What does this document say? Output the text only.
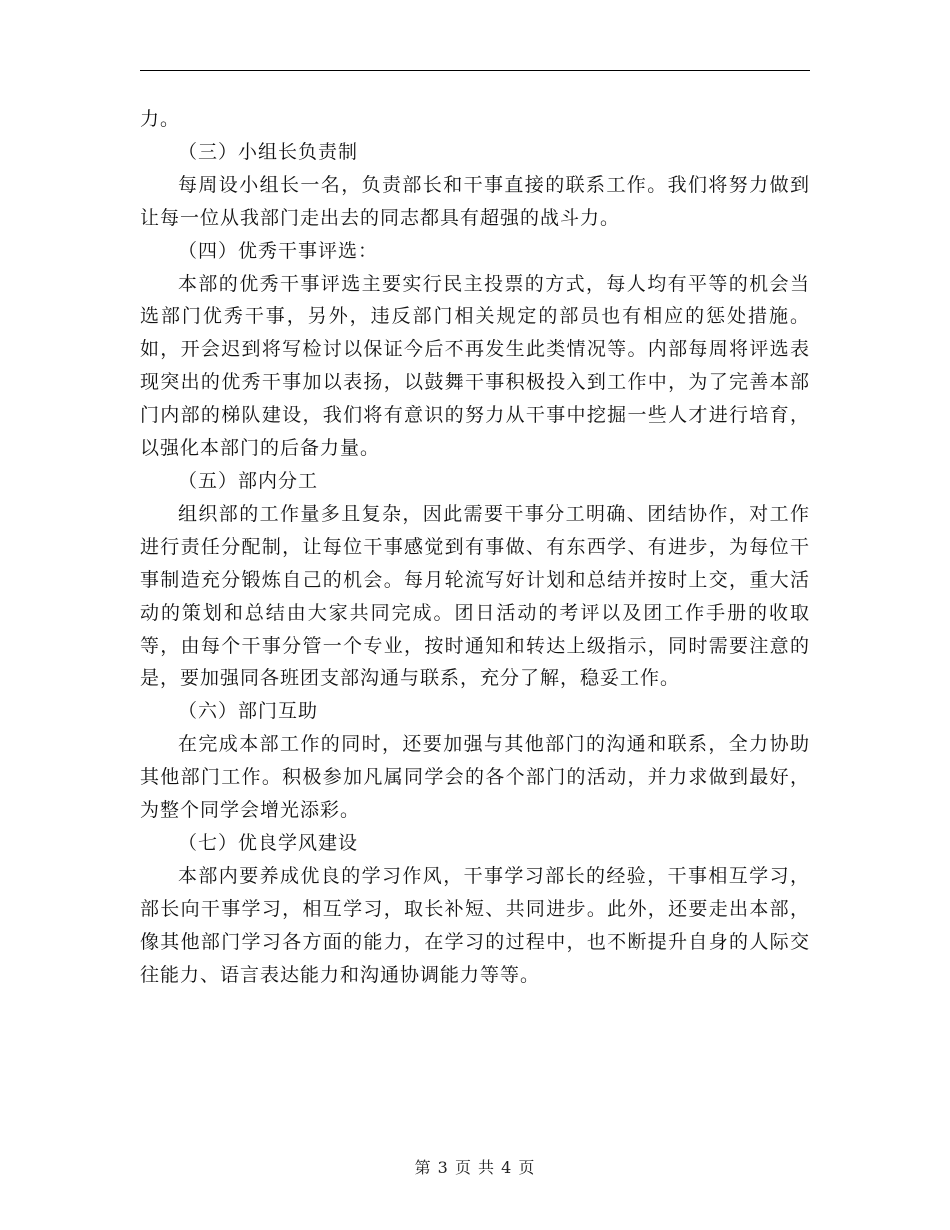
力。

（三）小组长负责制

每周设小组长一名，负责部长和干事直接的联系工作。我们将努力做到让每一位从我部门走出去的同志都具有超强的战斗力。

（四）优秀干事评选：

本部的优秀干事评选主要实行民主投票的方式，每人均有平等的机会当选部门优秀干事，另外，违反部门相关规定的部员也有相应的惩处措施。如，开会迟到将写检讨以保证今后不再发生此类情况等。内部每周将评选表现突出的优秀干事加以表扬，以鼓舞干事积极投入到工作中，为了完善本部门内部的梯队建设，我们将有意识的努力从干事中挖掘一些人才进行培育，以强化本部门的后备力量。

（五）部内分工

组织部的工作量多且复杂，因此需要干事分工明确、团结协作，对工作进行责任分配制，让每位干事感觉到有事做、有东西学、有进步，为每位干事制造充分锻炼自己的机会。每月轮流写好计划和总结并按时上交，重大活动的策划和总结由大家共同完成。团日活动的考评以及团工作手册的收取等，由每个干事分管一个专业，按时通知和转达上级指示，同时需要注意的是，要加强同各班团支部沟通与联系，充分了解，稳妥工作。

（六）部门互助

在完成本部工作的同时，还要加强与其他部门的沟通和联系，全力协助其他部门工作。积极参加凡属同学会的各个部门的活动，并力求做到最好，为整个同学会增光添彩。

（七）优良学风建设

本部内要养成优良的学习作风，干事学习部长的经验，干事相互学习，部长向干事学习，相互学习，取长补短、共同进步。此外，还要走出本部，像其他部门学习各方面的能力，在学习的过程中，也不断提升自身的人际交往能力、语言表达能力和沟通协调能力等等。

第 3 页 共 4 页
